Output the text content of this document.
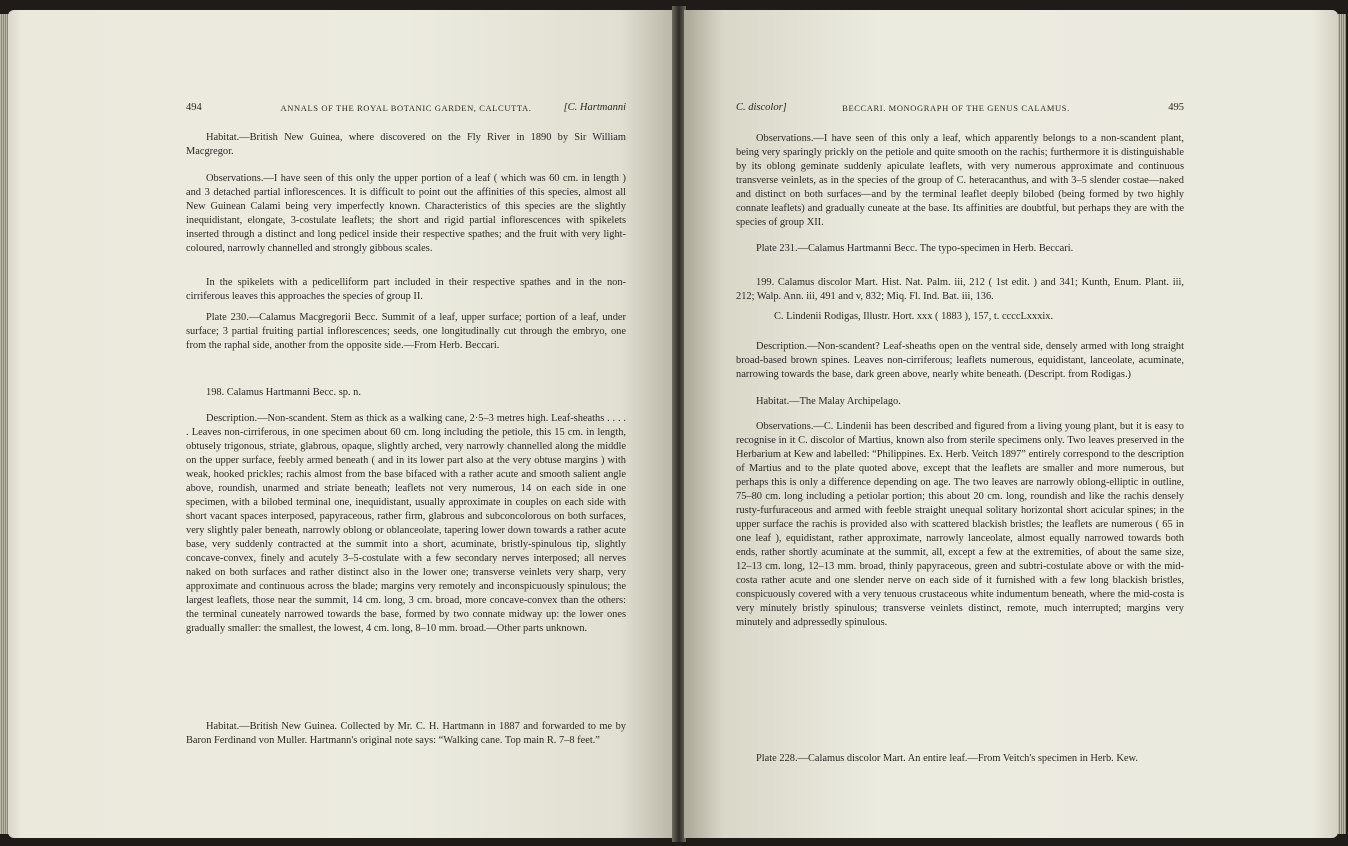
494	ANNALS OF THE ROYAL BOTANIC GARDEN, CALCUTTA.	[C. Hartmanni

Habitat.—British New Guinea, where discovered on the Fly River in 1890 by Sir William Macgregor.

Observations.—I have seen of this only the upper portion of a leaf ( which was 60 cm. in length ) and 3 detached partial inflorescences. It is difficult to point out the affinities of this species, almost all New Guinean Calami being very imperfectly known. Characteristics of this species are the slightly inequidistant, elongate, 3-costulate leaflets; the short and rigid partial inflorescences with spikelets inserted through a distinct and long pedicel inside their respective spathes; and the fruit with very light-coloured, narrowly channelled and strongly gibbous scales.

In the spikelets with a pedicelliform part included in their respective spathes and in the non-cirriferous leaves this approaches the species of group II.

Plate 230.—Calamus Macgregorii Becc. Summit of a leaf, upper surface; portion of a leaf, under surface; 3 partial fruiting partial inflorescences; seeds, one longitudinally cut through the embryo, one from the raphal side, another from the opposite side.—From Herb. Beccari.

198. Calamus Hartmanni Becc. sp. n.

Description.—Non-scandent. Stem as thick as a walking cane, 2·5–3 metres high. Leaf-sheaths . . . . . Leaves non-cirriferous, in one specimen about 60 cm. long including the petiole, this 15 cm. in length, obtusely trigonous, striate, glabrous, opaque, slightly arched, very narrowly channelled along the middle on the upper surface, feebly armed beneath ( and in its lower part also at the very obtuse margins ) with weak, hooked prickles; rachis almost from the base bifaced with a rather acute and smooth salient angle above, roundish, unarmed and striate beneath; leaflets not very numerous, 14 on each side in one specimen, with a bilobed terminal one, inequidistant, usually approximate in couples on each side with short vacant spaces interposed, papyraceous, rather firm, glabrous and subconcolorous on both surfaces, very slightly paler beneath, narrowly oblong or oblanceolate, tapering lower down towards a rather acute base, very suddenly contracted at the summit into a short, acuminate, bristly-spinulous tip, slightly concave-convex, finely and acutely 3–5-costulate with a few secondary nerves interposed; all nerves naked on both surfaces and rather distinct also in the lower one; transverse veinlets very sharp, very approximate and continuous across the blade; margins very remotely and inconspicuously spinulous; the largest leaflets, those near the summit, 14 cm. long, 3 cm. broad, more concave-convex than the others: the terminal cuneately narrowed towards the base, formed by two connate midway up: the lower ones gradually smaller: the smallest, the lowest, 4 cm. long, 8–10 mm. broad.—Other parts unknown.

Habitat.—British New Guinea. Collected by Mr. C. H. Hartmann in 1887 and forwarded to me by Baron Ferdinand von Muller. Hartmann's original note says: “Walking cane. Top main R. 7–8 feet.”

C. discolor]	BECCARI. MONOGRAPH OF THE GENUS CALAMUS.	495

Observations.—I have seen of this only a leaf, which apparently belongs to a non-scandent plant, being very sparingly prickly on the petiole and quite smooth on the rachis; furthermore it is distinguishable by its oblong geminate suddenly apiculate leaflets, with very numerous approximate and continuous transverse veinlets, as in the species of the group of C. heteracanthus, and with 3–5 slender costae—naked and distinct on both surfaces—and by the terminal leaflet deeply bilobed (being formed by two highly connate leaflets) and gradually cuneate at the base. Its affinities are doubtful, but perhaps they are with the species of group XII.

Plate 231.—Calamus Hartmanni Becc. The typo-specimen in Herb. Beccari.

199. Calamus discolor Mart. Hist. Nat. Palm. iii, 212 ( 1st edit. ) and 341; Kunth, Enum. Plant. iii, 212; Walp. Ann. iii, 491 and v, 832; Miq. Fl. Ind. Bat. iii, 136.

C. Lindenii Rodigas, Illustr. Hort. xxx ( 1883 ), 157, t. ccccLxxxix.

Description.—Non-scandent? Leaf-sheaths open on the ventral side, densely armed with long straight broad-based brown spines. Leaves non-cirriferous; leaflets numerous, equidistant, lanceolate, acuminate, narrowing towards the base, dark green above, nearly white beneath. (Descript. from Rodigas.)

Habitat.—The Malay Archipelago.

Observations.—C. Lindenii has been described and figured from a living young plant, but it is easy to recognise in it C. discolor of Martius, known also from sterile specimens only. Two leaves preserved in the Herbarium at Kew and labelled: “Philippines. Ex. Herb. Veitch 1897” entirely correspond to the description of Martius and to the plate quoted above, except that the leaflets are smaller and more numerous, but perhaps this is only a difference depending on age. The two leaves are narrowly oblong-elliptic in outline, 75–80 cm. long including a petiolar portion; this about 20 cm. long, roundish and like the rachis densely rusty-furfuraceous and armed with feeble straight unequal solitary horizontal short acicular spines; in the upper surface the rachis is provided also with scattered blackish bristles; the leaflets are numerous ( 65 in one leaf ), equidistant, rather approximate, narrowly lanceolate, almost equally narrowed towards both ends, rather shortly acuminate at the summit, all, except a few at the extremities, of about the same size, 12–13 cm. long, 12–13 mm. broad, thinly papyraceous, green and subtri-costulate above or with the mid-costa rather acute and one slender nerve on each side of it furnished with a few long blackish bristles, conspicuously covered with a very tenuous crustaceous white indumentum beneath, where the mid-costa is very minutely bristly spinulous; transverse veinlets distinct, remote, much interrupted; margins very minutely and adpressedly spinulous.

Plate 228.—Calamus discolor Mart. An entire leaf.—From Veitch's specimen in Herb. Kew.
